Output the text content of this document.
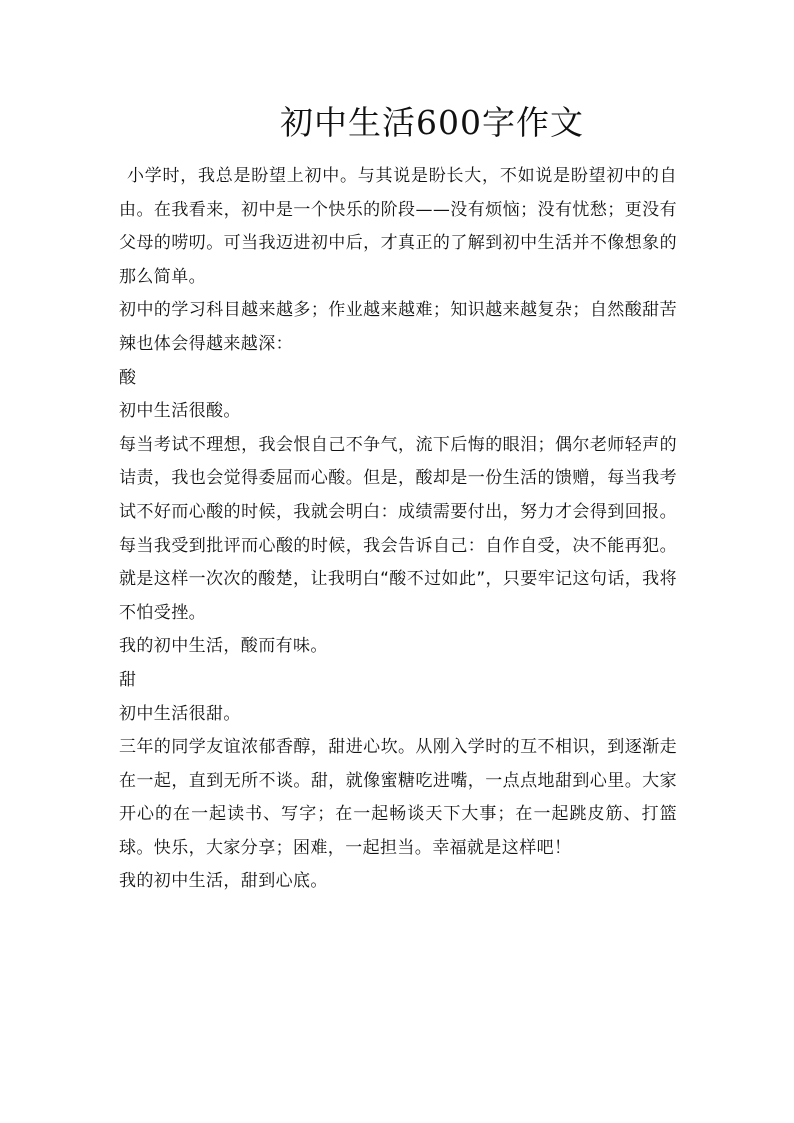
初中生活600字作文

小学时，我总是盼望上初中。与其说是盼长大，不如说是盼望初中的自由。在我看来，初中是一个快乐的阶段——没有烦恼；没有忧愁；更没有父母的唠叨。可当我迈进初中后，才真正的了解到初中生活并不像想象的那么简单。

初中的学习科目越来越多；作业越来越难；知识越来越复杂；自然酸甜苦辣也体会得越来越深：

酸

初中生活很酸。

每当考试不理想，我会恨自己不争气，流下后悔的眼泪；偶尔老师轻声的诘责，我也会觉得委屈而心酸。但是，酸却是一份生活的馈赠，每当我考试不好而心酸的时候，我就会明白：成绩需要付出，努力才会得到回报。每当我受到批评而心酸的时候，我会告诉自己：自作自受，决不能再犯。就是这样一次次的酸楚，让我明白“酸不过如此”，只要牢记这句话，我将不怕受挫。

我的初中生活，酸而有味。

甜

初中生活很甜。

三年的同学友谊浓郁香醇，甜进心坎。从刚入学时的互不相识，到逐渐走在一起，直到无所不谈。甜，就像蜜糖吃进嘴，一点点地甜到心里。大家开心的在一起读书、写字；在一起畅谈天下大事；在一起跳皮筋、打篮球。快乐，大家分享；困难，一起担当。幸福就是这样吧！

我的初中生活，甜到心底。
